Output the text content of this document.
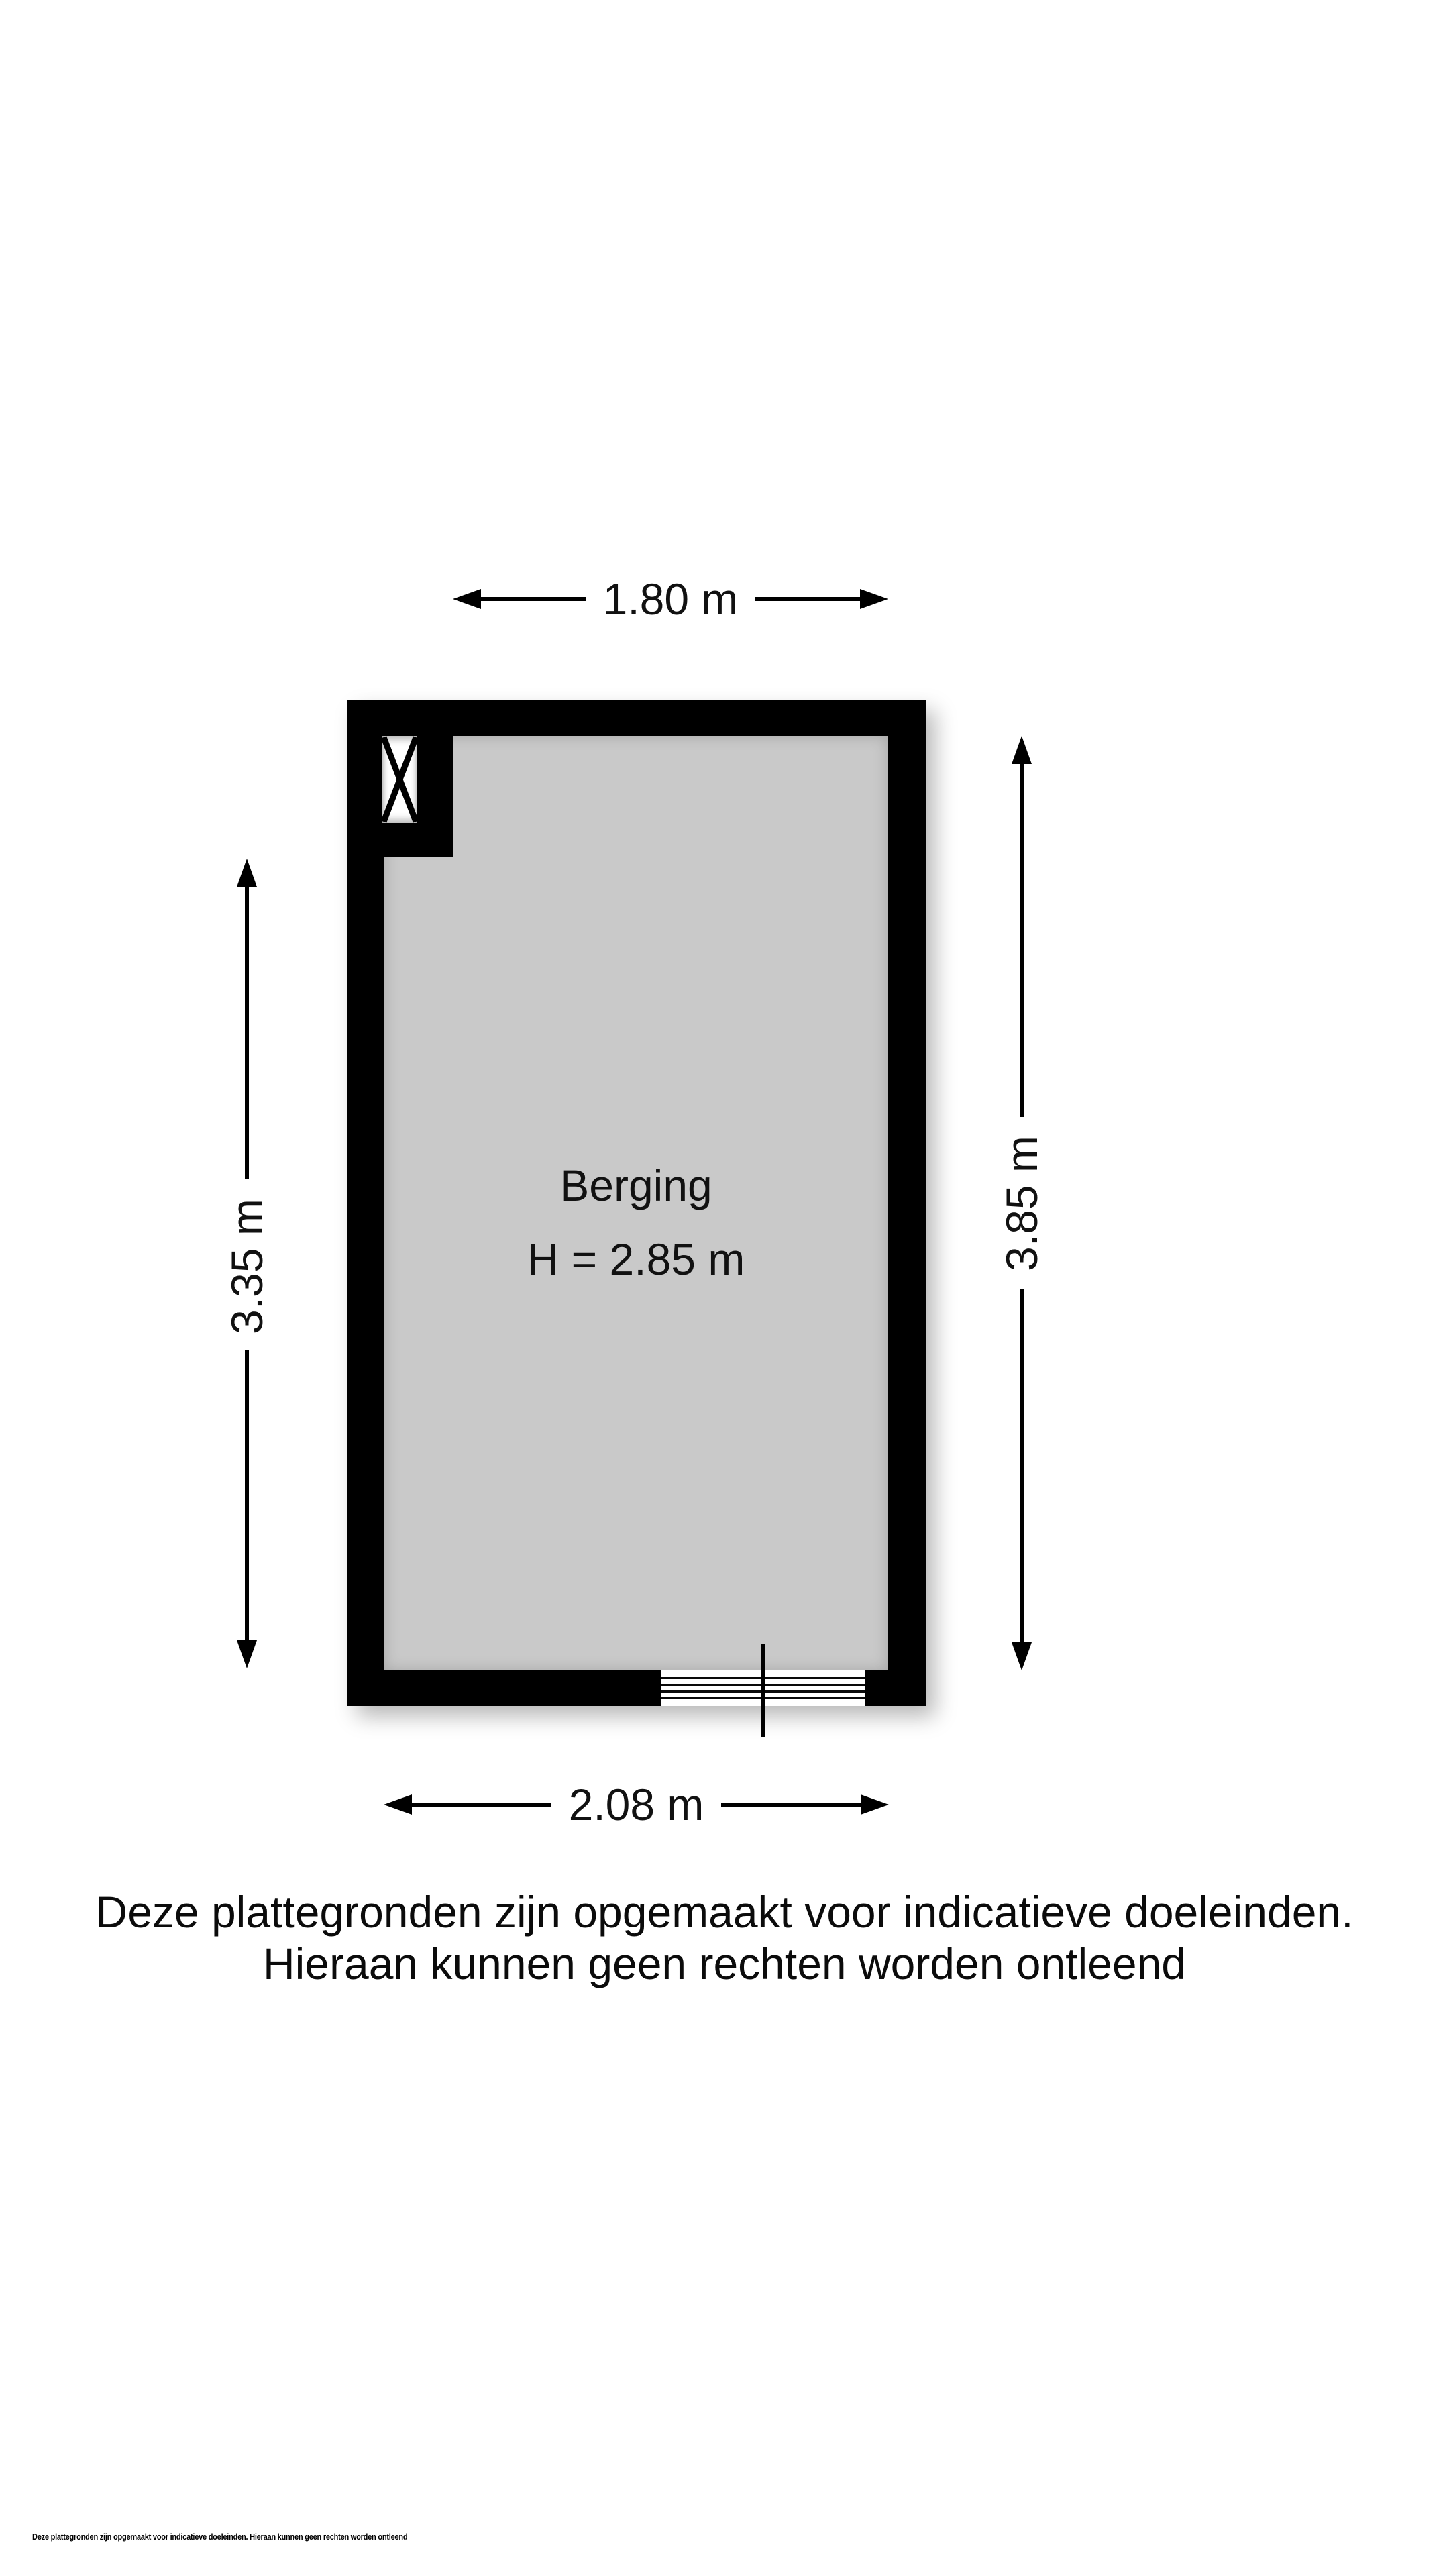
1.80 m
Berging
H = 2.85 m
3.35 m	3.85 m
2.08 m
Deze plattegronden zijn opgemaakt voor indicatieve doeleinden.
Hieraan kunnen geen rechten worden ontleend
Deze plattegronden zijn opgemaakt voor indicatieve doeleinden. Hieraan kunnen geen rechten worden ontleend
